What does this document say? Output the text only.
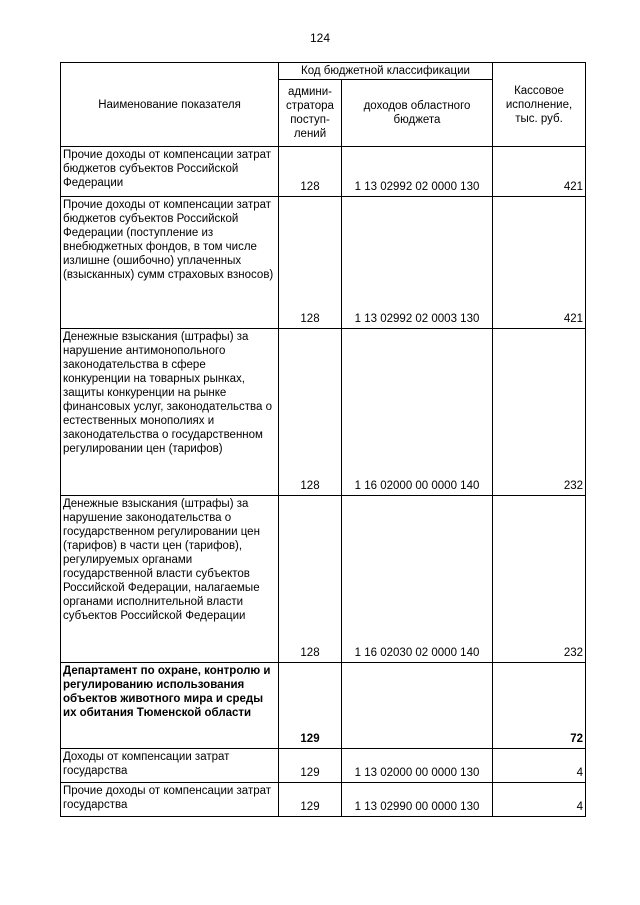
124
Наименование показателя	Код бюджетной классификации		Кассовое исполнение, тыс. руб.
	админи-стратора поступ-лений	доходов областного бюджета	
Прочие доходы от компенсации затрат бюджетов субъектов Российской Федерации	128	1 13 02992 02 0000 130	421
Прочие доходы от компенсации затрат бюджетов субъектов Российской Федерации (поступление из внебюджетных фондов, в том числе излишне (ошибочно) уплаченных (взысканных) сумм страховых взносов)	128	1 13 02992 02 0003 130	421
Денежные взыскания (штрафы) за нарушение антимонопольного законодательства в сфере конкуренции на товарных рынках, защиты конкуренции на рынке финансовых услуг, законодательства о естественных монополиях и законодательства о государственном регулировании цен (тарифов)	128	1 16 02000 00 0000 140	232
Денежные взыскания (штрафы) за нарушение законодательства о государственном регулировании цен (тарифов) в части цен (тарифов), регулируемых органами государственной власти субъектов Российской Федерации, налагаемые органами исполнительной власти субъектов Российской Федерации	128	1 16 02030 02 0000 140	232
Департамент по охране, контролю и регулированию использования объектов животного мира и среды их обитания Тюменской области	129		72
Доходы от компенсации затрат государства	129	1 13 02000 00 0000 130	4
Прочие доходы от компенсации затрат государства	129	1 13 02990 00 0000 130	4
